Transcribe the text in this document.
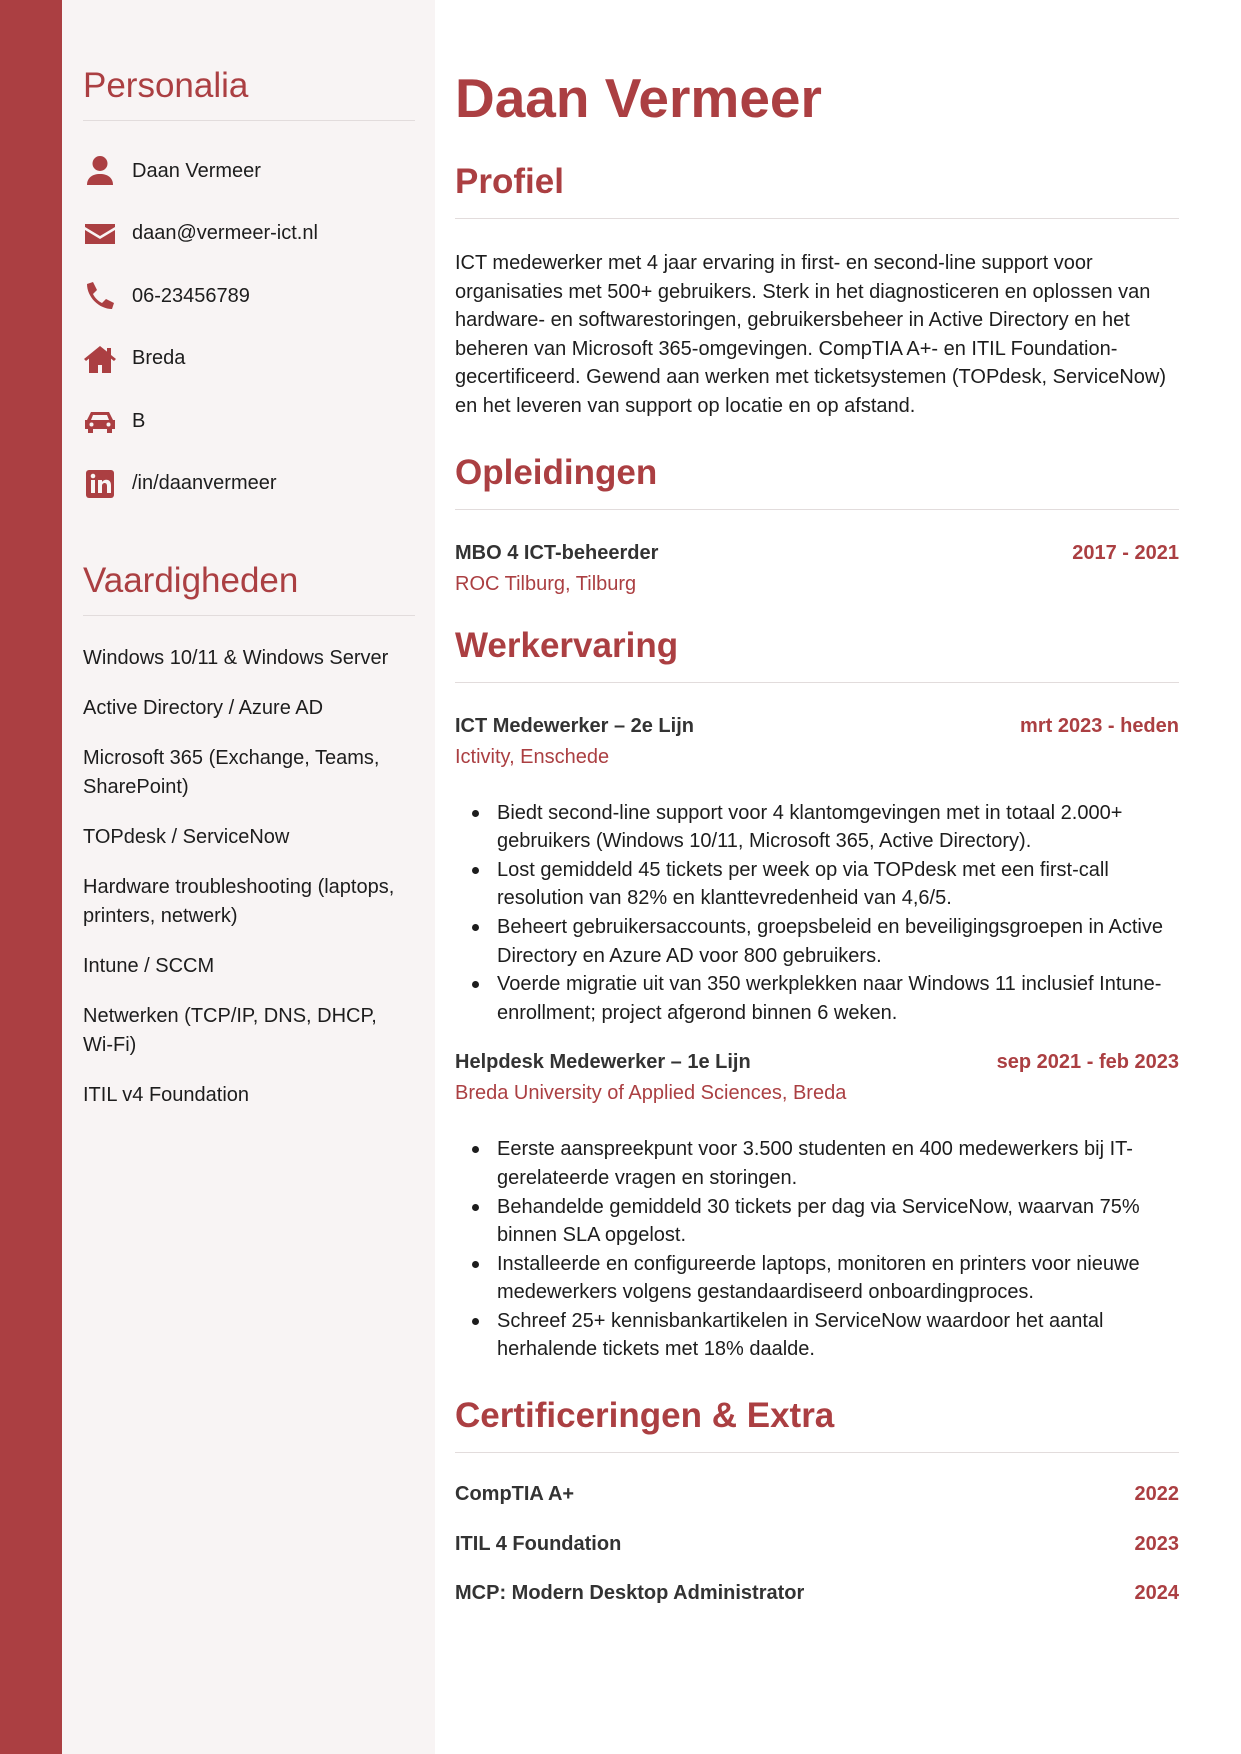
Personalia
Daan Vermeer
daan@vermeer-ict.nl
06-23456789
Breda
B
/in/daanvermeer
Vaardigheden
Windows 10/11 & Windows Server
Active Directory / Azure AD
Microsoft 365 (Exchange, Teams, SharePoint)
TOPdesk / ServiceNow
Hardware troubleshooting (laptops, printers, netwerk)
Intune / SCCM
Netwerken (TCP/IP, DNS, DHCP, Wi-Fi)
ITIL v4 Foundation
Daan Vermeer
Profiel

ICT medewerker met 4 jaar ervaring in first- en second-line support voor organisaties met 500+ gebruikers. Sterk in het diagnosticeren en oplossen van hardware- en softwarestoringen, gebruikersbeheer in Active Directory en het beheren van Microsoft 365-omgevingen. CompTIA A+- en ITIL Foundation-gecertificeerd. Gewend aan werken met ticketsystemen (TOPdesk, ServiceNow) en het leveren van support op locatie en op afstand.

Opleidingen
MBO 4 ICT-beheerder	2017 - 2021
ROC Tilburg, Tilburg
Werkervaring
ICT Medewerker – 2e Lijn	mrt 2023 - heden
Ictivity, Enschede
Biedt second-line support voor 4 klantomgevingen met in totaal 2.000+ gebruikers (Windows 10/11, Microsoft 365, Active Directory).
Lost gemiddeld 45 tickets per week op via TOPdesk met een first-call resolution van 82% en klanttevredenheid van 4,6/5.
Beheert gebruikersaccounts, groepsbeleid en beveiligingsgroepen in Active Directory en Azure AD voor 800 gebruikers.
Voerde migratie uit van 350 werkplekken naar Windows 11 inclusief Intune-enrollment; project afgerond binnen 6 weken.
Helpdesk Medewerker – 1e Lijn	sep 2021 - feb 2023
Breda University of Applied Sciences, Breda
Eerste aanspreekpunt voor 3.500 studenten en 400 medewerkers bij IT-gerelateerde vragen en storingen.
Behandelde gemiddeld 30 tickets per dag via ServiceNow, waarvan 75% binnen SLA opgelost.
Installeerde en configureerde laptops, monitoren en printers voor nieuwe medewerkers volgens gestandaardiseerd onboardingproces.
Schreef 25+ kennisbankartikelen in ServiceNow waardoor het aantal herhalende tickets met 18% daalde.
Certificeringen & Extra
CompTIA A+	2022
ITIL 4 Foundation	2023
MCP: Modern Desktop Administrator	2024
